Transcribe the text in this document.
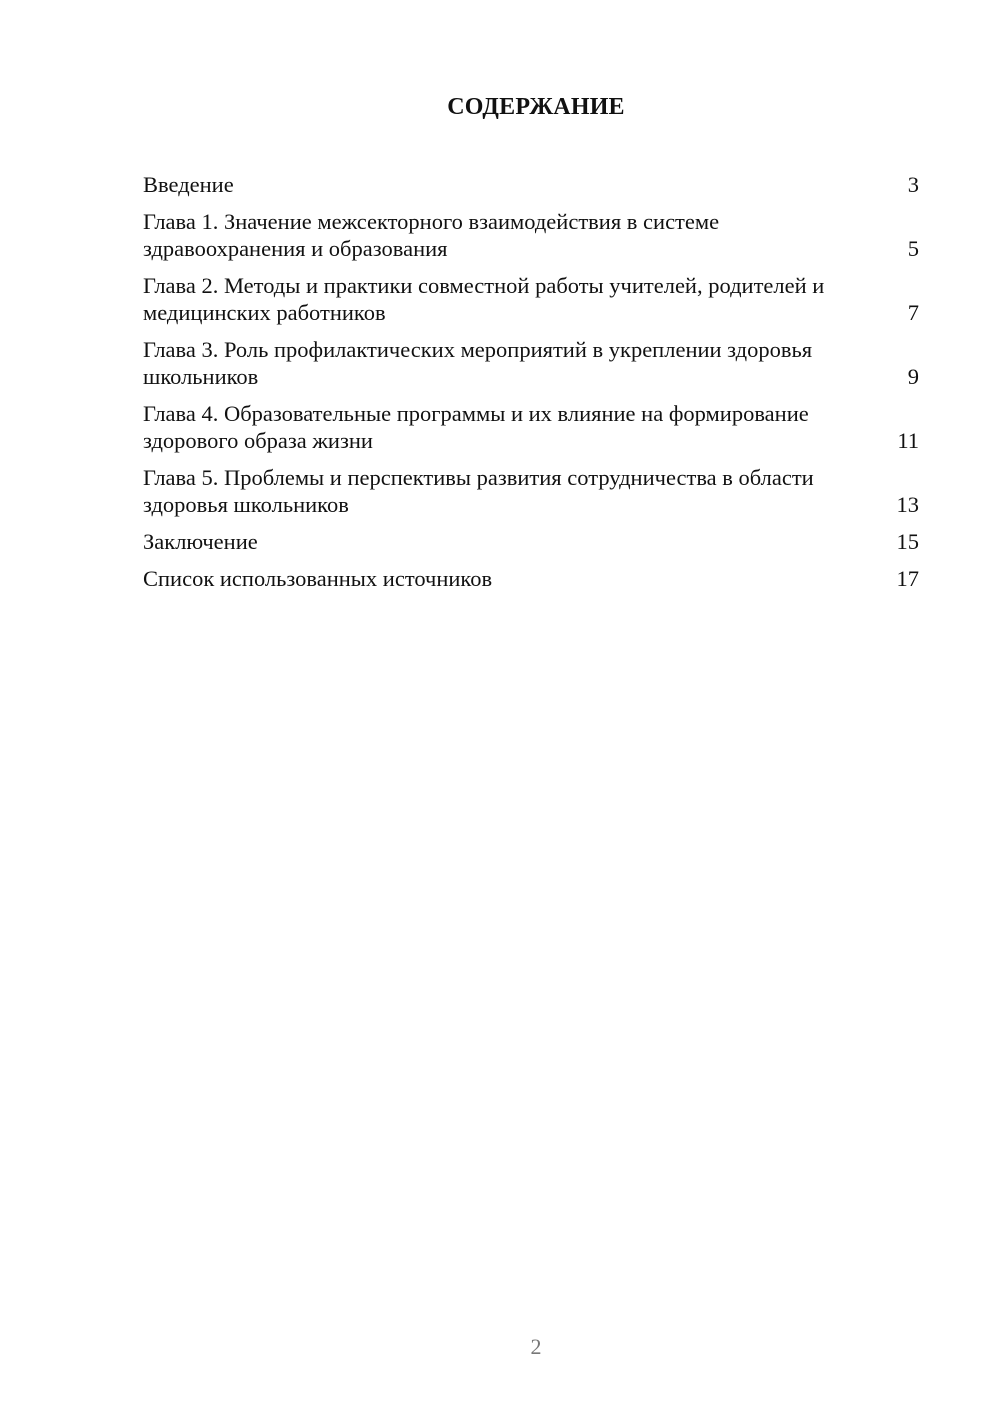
СОДЕРЖАНИЕ
Введение	3
Глава 1. Значение межсекторного взаимодействия в системе здравоохранения и образования	5
Глава 2. Методы и практики совместной работы учителей, родителей и медицинских работников	7
Глава 3. Роль профилактических мероприятий в укреплении здоровья школьников	9
Глава 4. Образовательные программы и их влияние на формирование здорового образа жизни	11
Глава 5. Проблемы и перспективы развития сотрудничества в области здоровья школьников	13
Заключение	15
Список использованных источников	17
2
